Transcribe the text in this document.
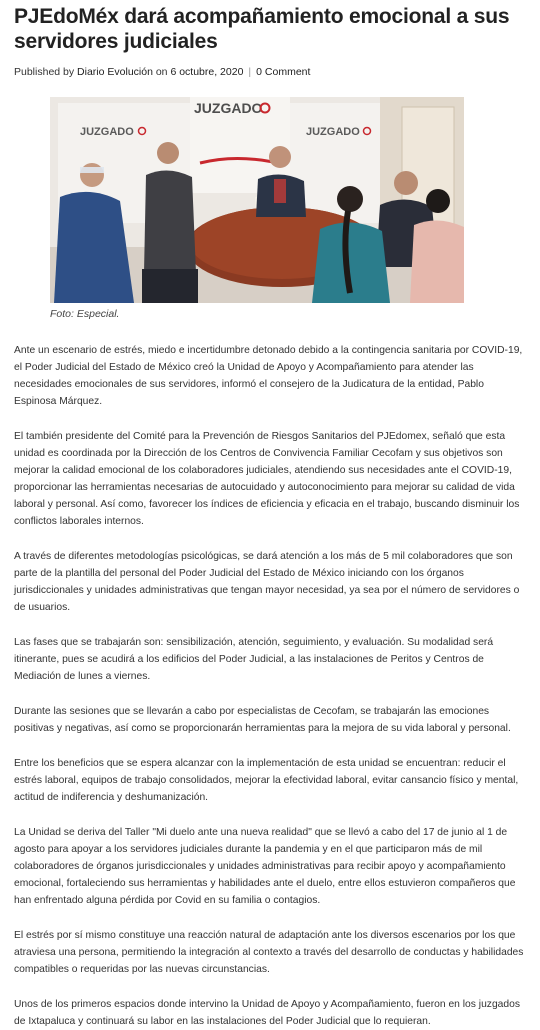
PJEdoMéx dará acompañamiento emocional a sus servidores judiciales
Published by Diario Evolución on 6 octubre, 2020 | 0 Comment
JUZGADO
JUZGADO
JUZGADO
Foto: Especial.

Ante un escenario de estrés, miedo e incertidumbre detonado debido a la contingencia sanitaria por COVID-19, el Poder Judicial del Estado de México creó la Unidad de Apoyo y Acompañamiento para atender las necesidades emocionales de sus servidores, informó el consejero de la Judicatura de la entidad, Pablo Espinosa Márquez.

El también presidente del Comité para la Prevención de Riesgos Sanitarios del PJEdomex, señaló que esta unidad es coordinada por la Dirección de los Centros de Convivencia Familiar Cecofam y sus objetivos son mejorar la calidad emocional de los colaboradores judiciales, atendiendo sus necesidades ante el COVID-19, proporcionar las herramientas necesarias de autocuidado y autoconocimiento para mejorar su calidad de vida laboral y personal. Así como, favorecer los índices de eficiencia y eficacia en el trabajo, buscando disminuir los conflictos laborales internos.

A través de diferentes metodologías psicológicas, se dará atención a los más de 5 mil colaboradores que son parte de la plantilla del personal del Poder Judicial del Estado de México iniciando con los órganos jurisdiccionales y unidades administrativas que tengan mayor necesidad, ya sea por el número de servidores o de usuarios.

Las fases que se trabajarán son: sensibilización, atención, seguimiento, y evaluación. Su modalidad será itinerante, pues se acudirá a los edificios del Poder Judicial, a las instalaciones de Peritos y Centros de Mediación de lunes a viernes.

Durante las sesiones que se llevarán a cabo por especialistas de Cecofam, se trabajarán las emociones positivas y negativas, así como se proporcionarán herramientas para la mejora de su vida laboral y personal.

Entre los beneficios que se espera alcanzar con la implementación de esta unidad se encuentran: reducir el estrés laboral, equipos de trabajo consolidados, mejorar la efectividad laboral, evitar cansancio físico y mental, actitud de indiferencia y deshumanización.

La Unidad se deriva del Taller "Mi duelo ante una nueva realidad" que se llevó a cabo del 17 de junio al 1 de agosto para apoyar a los servidores judiciales durante la pandemia y en el que participaron más de mil colaboradores de órganos jurisdiccionales y unidades administrativas para recibir apoyo y acompañamiento emocional, fortaleciendo sus herramientas y habilidades ante el duelo, entre ellos estuvieron compañeros que han enfrentado alguna pérdida por Covid en su familia o contagios.

El estrés por sí mismo constituye una reacción natural de adaptación ante los diversos escenarios por los que atraviesa una persona, permitiendo la integración al contexto a través del desarrollo de conductas y habilidades compatibles o requeridas por las nuevas circunstancias.

Unos de los primeros espacios donde intervino la Unidad de Apoyo y Acompañamiento, fueron en los juzgados de Ixtapaluca y continuará su labor en las instalaciones del Poder Judicial que lo requieran.
